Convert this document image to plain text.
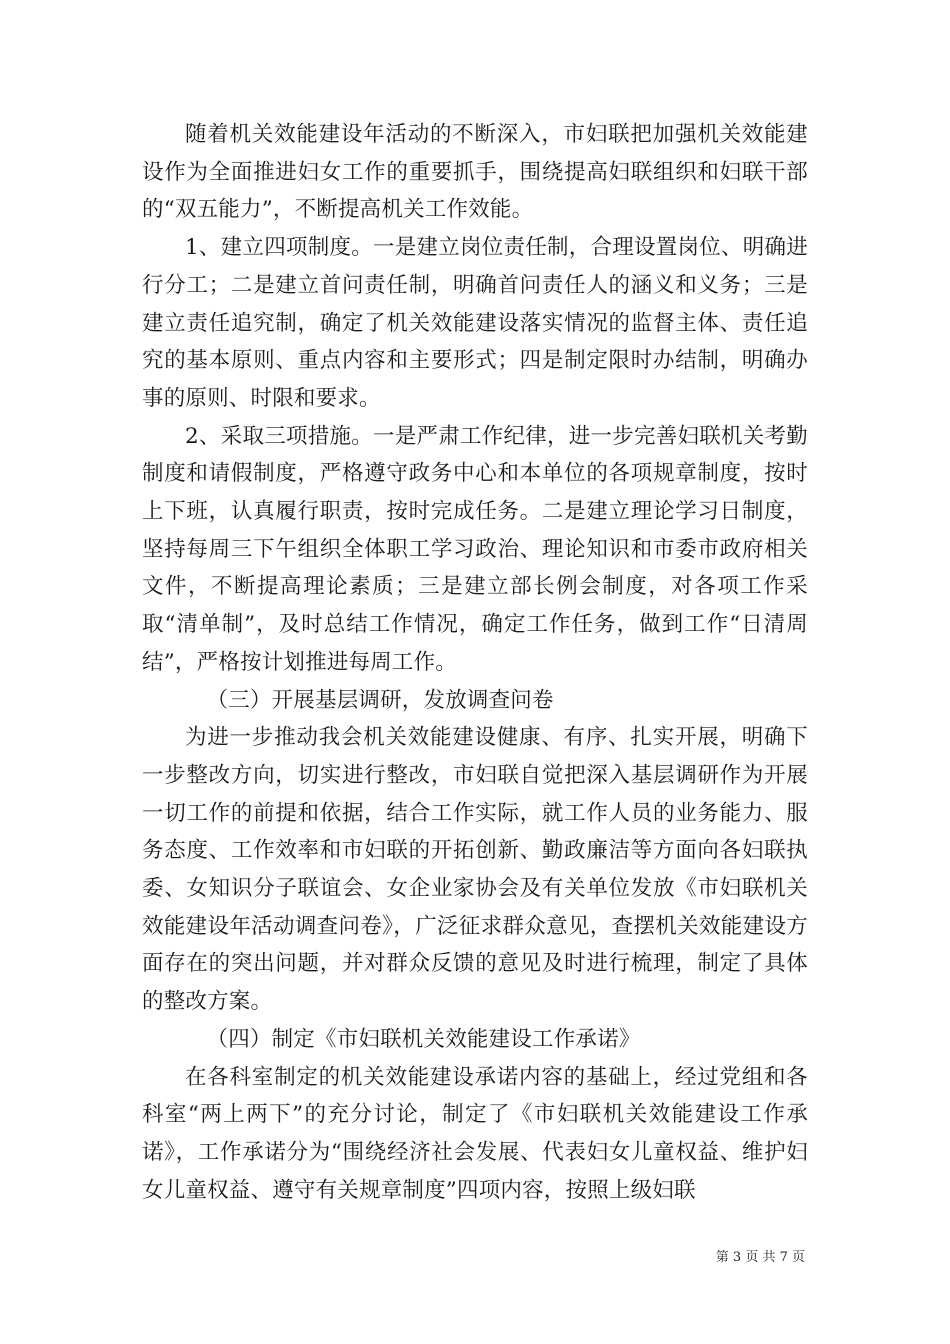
随着机关效能建设年活动的不断深入，市妇联把加强机关效能建设作为全面推进妇女工作的重要抓手，围绕提高妇联组织和妇联干部的“双五能力”，不断提高机关工作效能。

1、建立四项制度。一是建立岗位责任制，合理设置岗位、明确进行分工；二是建立首问责任制，明确首问责任人的涵义和义务；三是建立责任追究制，确定了机关效能建设落实情况的监督主体、责任追究的基本原则、重点内容和主要形式；四是制定限时办结制，明确办事的原则、时限和要求。

2、采取三项措施。一是严肃工作纪律，进一步完善妇联机关考勤制度和请假制度，严格遵守政务中心和本单位的各项规章制度，按时上下班，认真履行职责，按时完成任务。二是建立理论学习日制度，坚持每周三下午组织全体职工学习政治、理论知识和市委市政府相关文件，不断提高理论素质；三是建立部长例会制度，对各项工作采取“清单制”，及时总结工作情况，确定工作任务，做到工作“日清周结”，严格按计划推进每周工作。

（三）开展基层调研，发放调查问卷

为进一步推动我会机关效能建设健康、有序、扎实开展，明确下一步整改方向，切实进行整改，市妇联自觉把深入基层调研作为开展一切工作的前提和依据，结合工作实际，就工作人员的业务能力、服务态度、工作效率和市妇联的开拓创新、勤政廉洁等方面向各妇联执委、女知识分子联谊会、女企业家协会及有关单位发放《市妇联机关效能建设年活动调查问卷》，广泛征求群众意见，查摆机关效能建设方面存在的突出问题，并对群众反馈的意见及时进行梳理，制定了具体的整改方案。

（四）制定《市妇联机关效能建设工作承诺》

在各科室制定的机关效能建设承诺内容的基础上，经过党组和各科室“两上两下”的充分讨论，制定了《市妇联机关效能建设工作承诺》，工作承诺分为“围绕经济社会发展、代表妇女儿童权益、维护妇女儿童权益、遵守有关规章制度”四项内容，按照上级妇联

第 3 页 共 7 页
